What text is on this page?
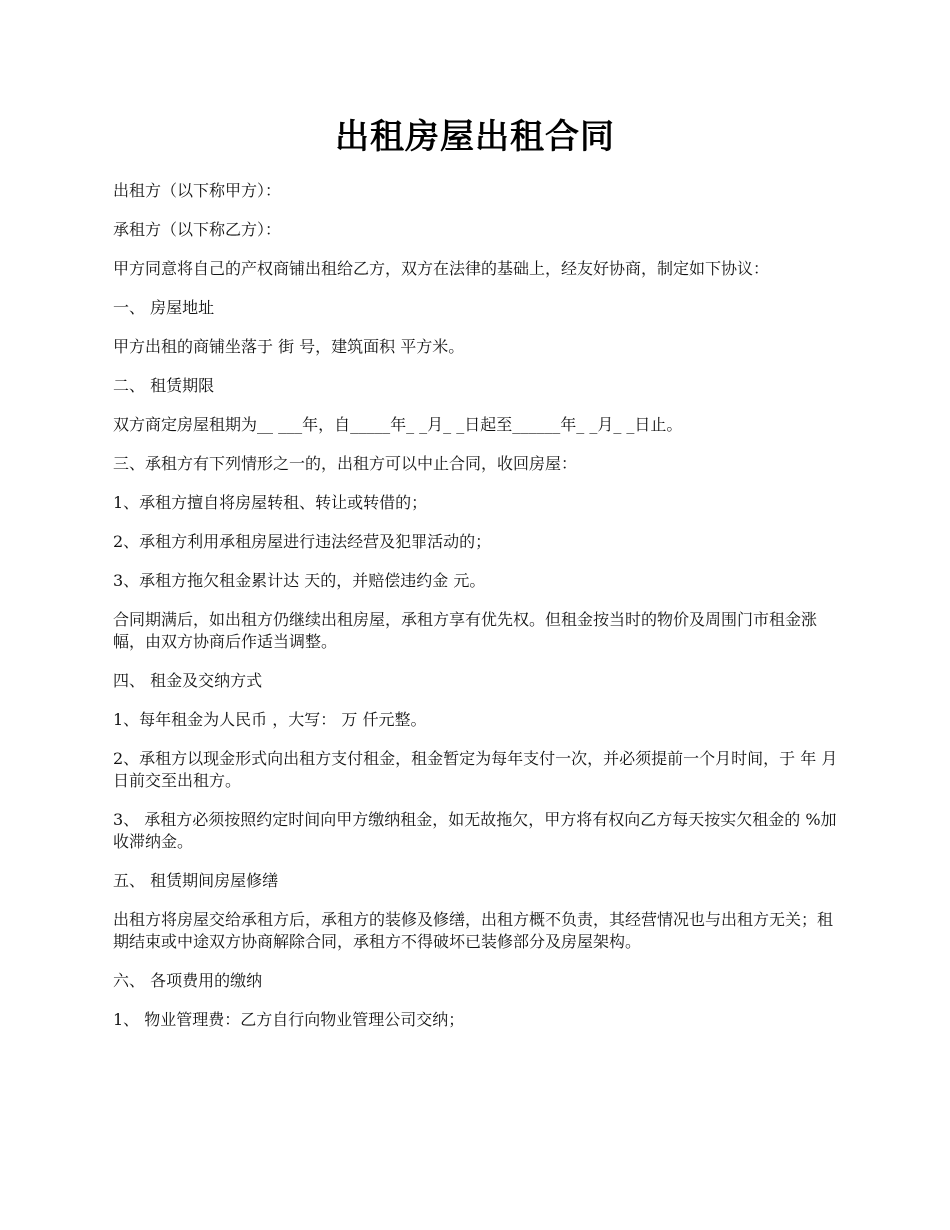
出租房屋出租合同

出租方（以下称甲方）：

承租方（以下称乙方）：

甲方同意将自己的产权商铺出租给乙方，双方在法律的基础上，经友好协商，制定如下协议：

一、 房屋地址

甲方出租的商铺坐落于 街 号，建筑面积 平方米。

二、 租赁期限

双方商定房屋租期为__ ___年，自_____年_ _月_ _日起至______年_ _月_ _日止。

三、承租方有下列情形之一的，出租方可以中止合同，收回房屋：

1、承租方擅自将房屋转租、转让或转借的；

2、承租方利用承租房屋进行违法经营及犯罪活动的；

3、承租方拖欠租金累计达 天的，并赔偿违约金 元。

合同期满后，如出租方仍继续出租房屋，承租方享有优先权。但租金按当时的物价及周围门市租金涨幅，由双方协商后作适当调整。

四、 租金及交纳方式

1、每年租金为人民币 ，大写： 万 仟元整。

2、承租方以现金形式向出租方支付租金，租金暂定为每年支付一次，并必须提前一个月时间，于 年 月 日前交至出租方。

3、 承租方必须按照约定时间向甲方缴纳租金，如无故拖欠，甲方将有权向乙方每天按实欠租金的 %加收滞纳金。

五、 租赁期间房屋修缮

出租方将房屋交给承租方后，承租方的装修及修缮，出租方概不负责，其经营情况也与出租方无关；租期结束或中途双方协商解除合同，承租方不得破坏已装修部分及房屋架构。

六、 各项费用的缴纳

1、 物业管理费：乙方自行向物业管理公司交纳；
